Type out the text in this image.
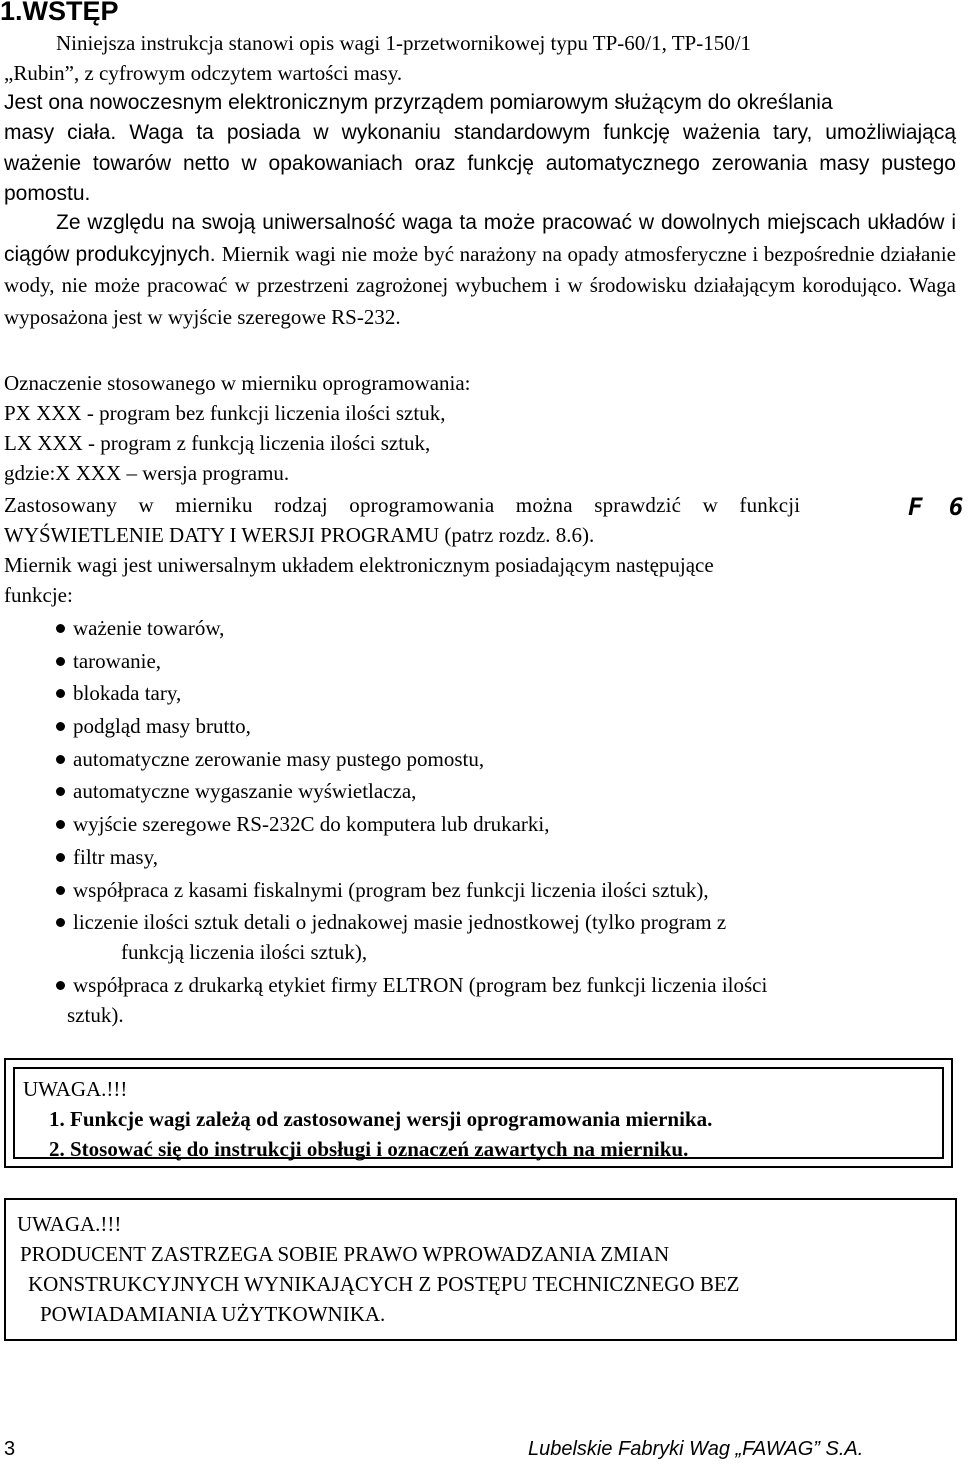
1.WSTĘP

Niniejsza instrukcja stanowi opis wagi 1-przetwornikowej typu TP-60/1, TP-150/1

„Rubin”, z cyfrowym odczytem wartości masy.

Jest ona nowoczesnym elektronicznym przyrządem pomiarowym służącym do określania

masy ciała. Waga ta posiada w wykonaniu standardowym funkcję ważenia tary, umożliwiającą ważenie towarów netto w opakowaniach oraz funkcję automatycznego zerowania masy pustego pomostu.

Ze względu na swoją uniwersalność waga ta może pracować w dowolnych miejscach układów i ciągów produkcyjnych. Miernik wagi nie może być narażony na opady atmosferyczne i bezpośrednie działanie wody, nie może pracować w przestrzeni zagrożonej wybuchem i w środowisku działającym korodująco. Waga wyposażona jest w wyjście szeregowe RS-232.

Oznaczenie stosowanego w mierniku oprogramowania:

PX XXX - program bez funkcji liczenia ilości sztuk,

LX XXX - program z funkcją liczenia ilości sztuk,

gdzie:X XXX – wersja programu.

Zastosowany w mierniku rodzaj oprogramowania można sprawdzić w funkcji	F 6

WYŚWIETLENIE DATY I WERSJI PROGRAMU (patrz rozdz. 8.6).

Miernik wagi jest uniwersalnym układem elektronicznym posiadającym następujące

funkcje:

ważenie towarów,
tarowanie,
blokada tary,
podgląd masy brutto,
automatyczne zerowanie masy pustego pomostu,
automatyczne wygaszanie wyświetlacza,
wyjście szeregowe RS-232C do komputera lub drukarki,
filtr masy,
współpraca z kasami fiskalnymi (program bez funkcji liczenia ilości sztuk),
liczenie ilości sztuk detali o jednakowej masie jednostkowej (tylko program z
funkcją liczenia ilości sztuk),
współpraca z drukarką etykiet firmy ELTRON (program bez funkcji liczenia ilości
sztuk).
UWAGA.!!!
1. Funkcje wagi zależą od zastosowanej wersji oprogramowania miernika.
2. Stosować się do instrukcji obsługi i oznaczeń zawartych na mierniku.
UWAGA.!!!
PRODUCENT ZASTRZEGA SOBIE PRAWO WPROWADZANIA ZMIAN
KONSTRUKCYJNYCH WYNIKAJĄCYCH Z POSTĘPU TECHNICZNEGO BEZ
POWIADAMIANIA UŻYTKOWNIKA.
3	Lubelskie Fabryki Wag „FAWAG” S.A.
